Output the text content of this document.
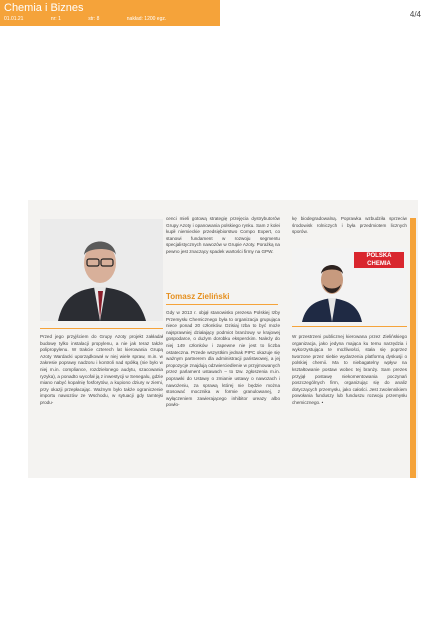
Chemia i Biznes
01.01.21	nr: 1	str: 8	nakład: 1200 egz.	4/4

cenci mieli gotową strategię przejęcia dystrybutorów Grupy Azoty i opanowania polskiego rynku. Sam z kolei kupił niemieckie przedsiębiorstwo Compo Expert, co stanowi fundament w rozwoju segmentu specjalistycznych nawozów w Grupie Azoty. Porażką na pewno jest znaczący spadek wartości firmy na GPW.

Tomasz Zieliński

kę biodegradowalną. Poprawka wzbudziła sprzeciw środowisk rolniczych i była przedmiotem licznych sporów.

POLSKA CHEMIA

Przed jego przyjściem do Grupy Azoty projekt zakładał budowę tylko instalacji propylenu, a nie jak teraz także polipropylenu. W trakcie czterech lat kierowania Grupą Azoty Wardacki uporządkował w niej wiele spraw, m.in. w zakresie poprawy nadzoru i kontroli nad spółką (nie było w niej m.in. compliance, rozdzielonego audytu, szacowania ryzyka), a ponadto wycofał ją z inwestycji w Senegalu, gdzie miano nabyć kopalnię fosforytów, a kupiono dziury w ziemi, przy okazji przepłacając. Ważnym było także ograniczenie importu nawozów ze Wschodu, w sytuacji gdy tamtejsi produ-

Gdy w 2013 r. objął stanowisko prezesa Polskiej Izby Przemysłu Chemicznego była to organizacja grupująca niece ponad 20 członków. Dzisiaj Izba to być może najsprawniej działający podmiot branżowy w krajowej gospodarce, o dużym dorobku eksperckim. Należy do niej 149 członków i zapewne nie jest to liczba ostateczna. Przede wszystkim jednak PIPC okazuje się ważnym partnerem dla administracji państwowej, a jej propozycje znajdują odzwierciedlenie w przyjmowanych przez parlament ustawach – to tzw. zgłoszenia m.in. poprawki do Ustawy o zmianie ustawy o nawozach i nawożeniu, za sprawą której nie będzie można stosować mocznika w formie granulowanej, z wyłączeniem zawierającego inhibitor ureazy albo powło-

W przestrzeni publicznej kierowana przez Zielińskiego organizacja, jako jedyna mająca ku temu narzędzia i wykorzystująca te możliwości, stała się poprzez tworzone przez siebie wydarzenia platformą dyskusji o polskiej chemii. Ma to niebagatelny wpływ na kształtowanie postaw wobec tej branży. Sam prezes przyjął postawę niekomentowania poczynań poszczególnych firm, organizując się do analiz dotyczących przemysłu, jako całości. Jest zwolennikiem powołania funduszy lub funduszu rozwoju przemysłu chemicznego. •
